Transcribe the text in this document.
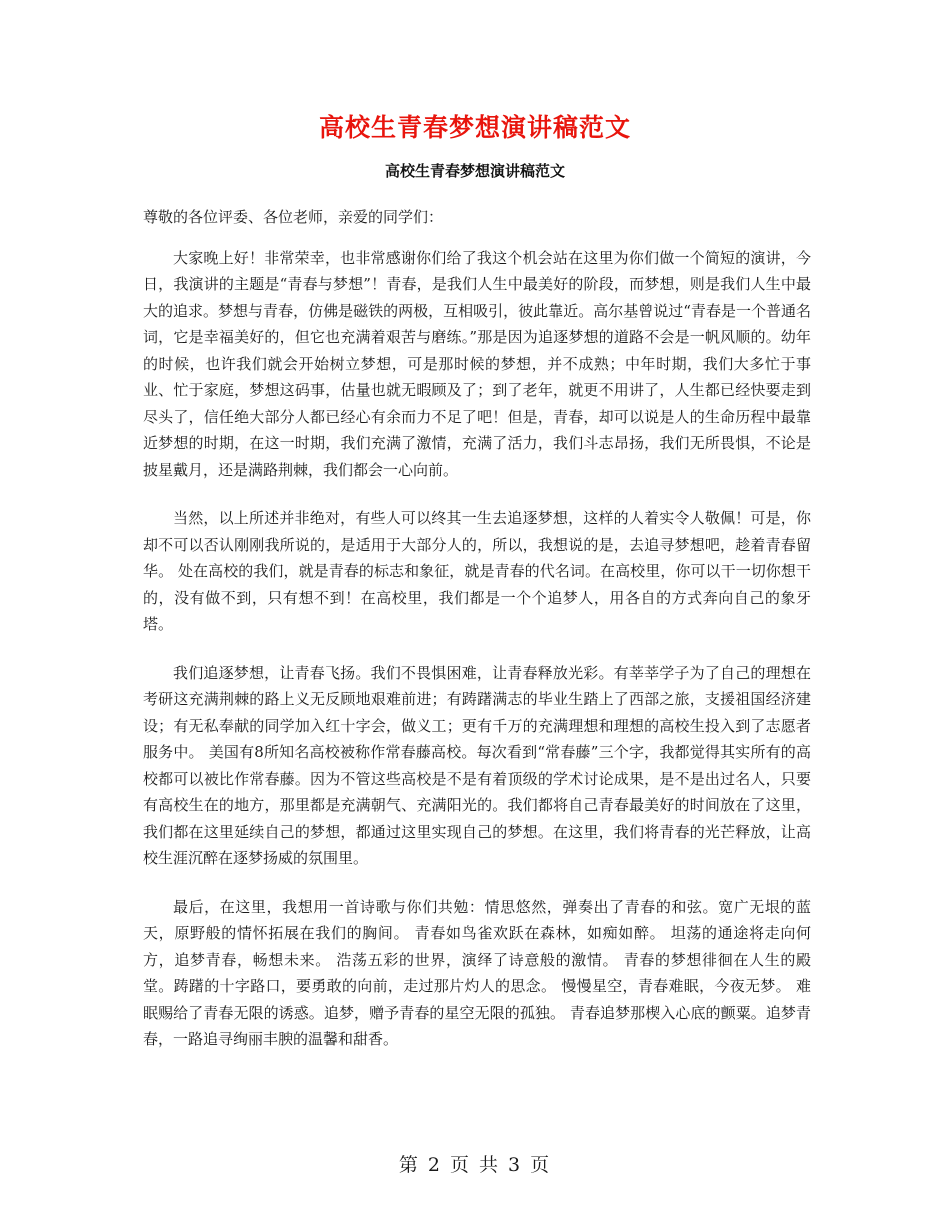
高校生青春梦想演讲稿范文
高校生青春梦想演讲稿范文

尊敬的各位评委、各位老师，亲爱的同学们：

大家晚上好！非常荣幸，也非常感谢你们给了我这个机会站在这里为你们做一个简短的演讲，今日，我演讲的主题是“青春与梦想”！青春，是我们人生中最美好的阶段，而梦想，则是我们人生中最大的追求。梦想与青春，仿佛是磁铁的两极，互相吸引，彼此靠近。高尔基曾说过“青春是一个普通名词，它是幸福美好的，但它也充满着艰苦与磨练。”那是因为追逐梦想的道路不会是一帆风顺的。幼年的时候，也许我们就会开始树立梦想，可是那时候的梦想，并不成熟；中年时期，我们大多忙于事业、忙于家庭，梦想这码事，估量也就无暇顾及了；到了老年，就更不用讲了，人生都已经快要走到尽头了，信任绝大部分人都已经心有余而力不足了吧！但是，青春，却可以说是人的生命历程中最靠近梦想的时期，在这一时期，我们充满了激情，充满了活力，我们斗志昂扬，我们无所畏惧，不论是披星戴月，还是满路荆棘，我们都会一心向前。

当然，以上所述并非绝对，有些人可以终其一生去追逐梦想，这样的人着实令人敬佩！可是，你却不可以否认刚刚我所说的，是适用于大部分人的，所以，我想说的是，去追寻梦想吧，趁着青春留华。 处在高校的我们，就是青春的标志和象征，就是青春的代名词。在高校里，你可以干一切你想干的，没有做不到，只有想不到！在高校里，我们都是一个个追梦人，用各自的方式奔向自己的象牙塔。

我们追逐梦想，让青春飞扬。我们不畏惧困难，让青春释放光彩。有莘莘学子为了自己的理想在考研这充满荆棘的路上义无反顾地艰难前进；有踌躇满志的毕业生踏上了西部之旅，支援祖国经济建设；有无私奉献的同学加入红十字会，做义工；更有千万的充满理想和理想的高校生投入到了志愿者服务中。 美国有8所知名高校被称作常春藤高校。每次看到“常春藤”三个字，我都觉得其实所有的高校都可以被比作常春藤。因为不管这些高校是不是有着顶级的学术讨论成果，是不是出过名人，只要有高校生在的地方，那里都是充满朝气、充满阳光的。我们都将自己青春最美好的时间放在了这里，我们都在这里延续自己的梦想，都通过这里实现自己的梦想。在这里，我们将青春的光芒释放，让高校生涯沉醉在逐梦扬威的氛围里。

最后，在这里，我想用一首诗歌与你们共勉：情思悠然，弹奏出了青春的和弦。宽广无垠的蓝天，原野般的情怀拓展在我们的胸间。 青春如鸟雀欢跃在森林，如痴如醉。 坦荡的通途将走向何方，追梦青春，畅想未来。 浩荡五彩的世界，演绎了诗意般的激情。 青春的梦想徘徊在人生的殿堂。踌躇的十字路口，要勇敢的向前，走过那片灼人的思念。 慢慢星空，青春难眠，今夜无梦。 难眠赐给了青春无限的诱惑。追梦，赠予青春的星空无限的孤独。 青春追梦那楔入心底的颤粟。追梦青春，一路追寻绚丽丰腴的温馨和甜香。

第 2 页 共 3 页
